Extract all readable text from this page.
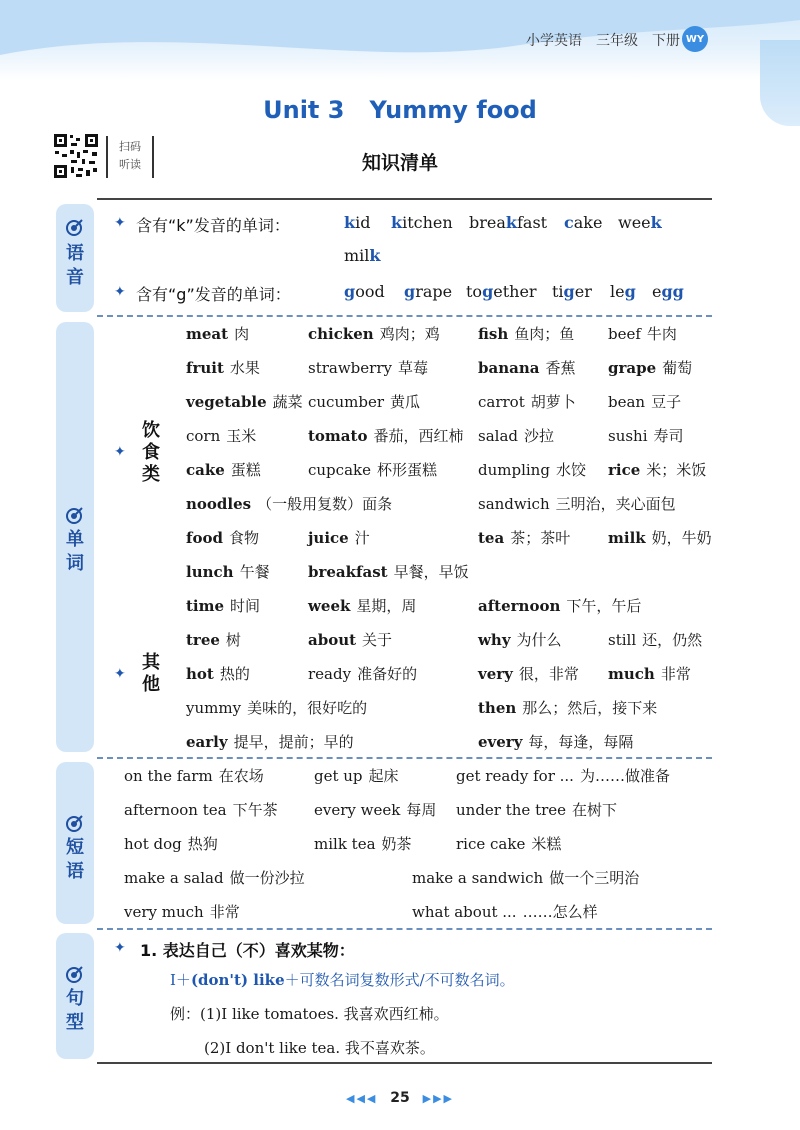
小学英语 三年级 下册 WY
扫码
听读
Unit 3   Yummy food
知识清单
语音
单词
短语
句型
✦ 含有“k”发音的单词：	kid kitchen breakfast cake week
milk
✦ 含有“g”发音的单词：	good grape together tiger leg egg
✦
饮食类
✦
其他
meat 肉	chicken 鸡肉；鸡	fish 鱼肉；鱼 beef 牛肉
fruit 水果	strawberry 草莓	banana 香蕉 grape 葡萄
vegetable 蔬菜 cucumber 黄瓜	carrot 胡萝卜 bean 豆子
corn 玉米	tomato 番茄，西红柿 salad 沙拉	sushi 寿司
cake 蛋糕	cupcake 杯形蛋糕	dumpling 水饺 rice 米；米饭
noodles （一般用复数）面条	sandwich 三明治，夹心面包
food 食物	juice 汁	tea 茶；茶叶	milk 奶，牛奶
lunch 午餐	breakfast 早餐，早饭
time 时间	week 星期，周	afternoon 下午，午后
tree 树	about 关于	why 为什么	still 还，仍然
hot 热的	ready 准备好的	very 很，非常 much 非常
yummy 美味的，很好吃的	then 那么；然后，接下来
early 提早，提前；早的	every 每，每逢，每隔
on the farm 在农场	get up 起床	get ready for ... 为……做准备
afternoon tea 下午茶 every week 每周 under the tree 在树下
hot dog 热狗	milk tea 奶茶	rice cake 米糕
make a salad 做一份沙拉	make a sandwich 做一个三明治
very much 非常	what about ... ……怎么样
✦ 1. 表达自己（不）喜欢某物：
I＋(don't) like＋可数名词复数形式/不可数名词。
例：(1)I like tomatoes. 我喜欢西红柿。
(2)I don't like tea. 我不喜欢茶。
◀◀◀ 25 ▶▶▶
